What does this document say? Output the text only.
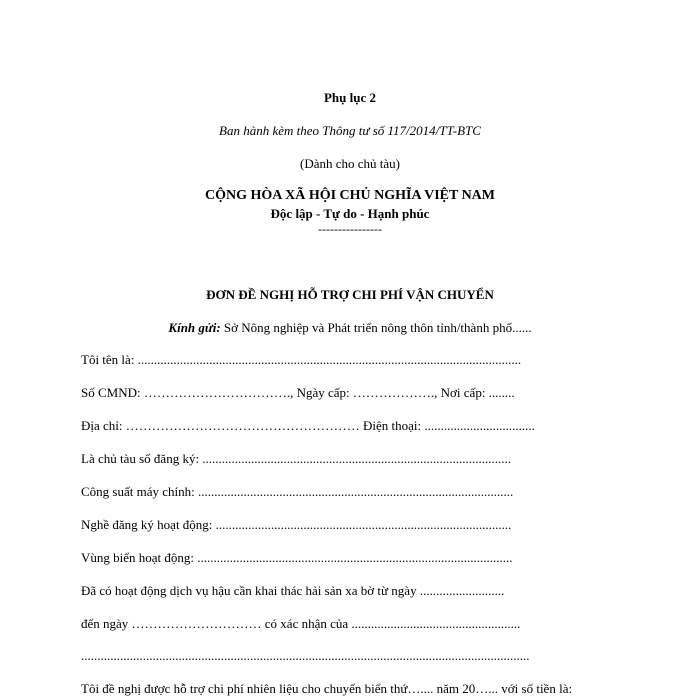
Phụ lục 2
Ban hành kèm theo Thông tư số 117/2014/TT-BTC
(Dành cho chủ tàu)
CỘNG HÒA XÃ HỘI CHỦ NGHĨA VIỆT NAM
Độc lập - Tự do - Hạnh phúc
----------------
ĐƠN ĐỀ NGHỊ HỖ TRỢ CHI PHÍ VẬN CHUYỂN
Kính gửi: Sở Nông nghiệp và Phát triển nông thôn tỉnh/thành phố......
Tôi tên là: ......................................................................................................................
Số CMND: ……………………………., Ngày cấp: ………………., Nơi cấp: ........
Địa chỉ: ……………………………………………… Điện thoại: ..................................
Là chủ tàu số đăng ký: ...............................................................................................
Công suất máy chính: .................................................................................................
Nghề đăng ký hoạt động: ...........................................................................................
Vùng biển hoạt động: .................................................................................................
Đã có hoạt động dịch vụ hậu cần khai thác hải sản xa bờ từ ngày ..........................
đến ngày ………………………… có xác nhận của ....................................................
..........................................................................................................................................
Tôi đề nghị được hỗ trợ chi phí nhiên liệu cho chuyến biển thứ….... năm 20…... với số tiền là:
